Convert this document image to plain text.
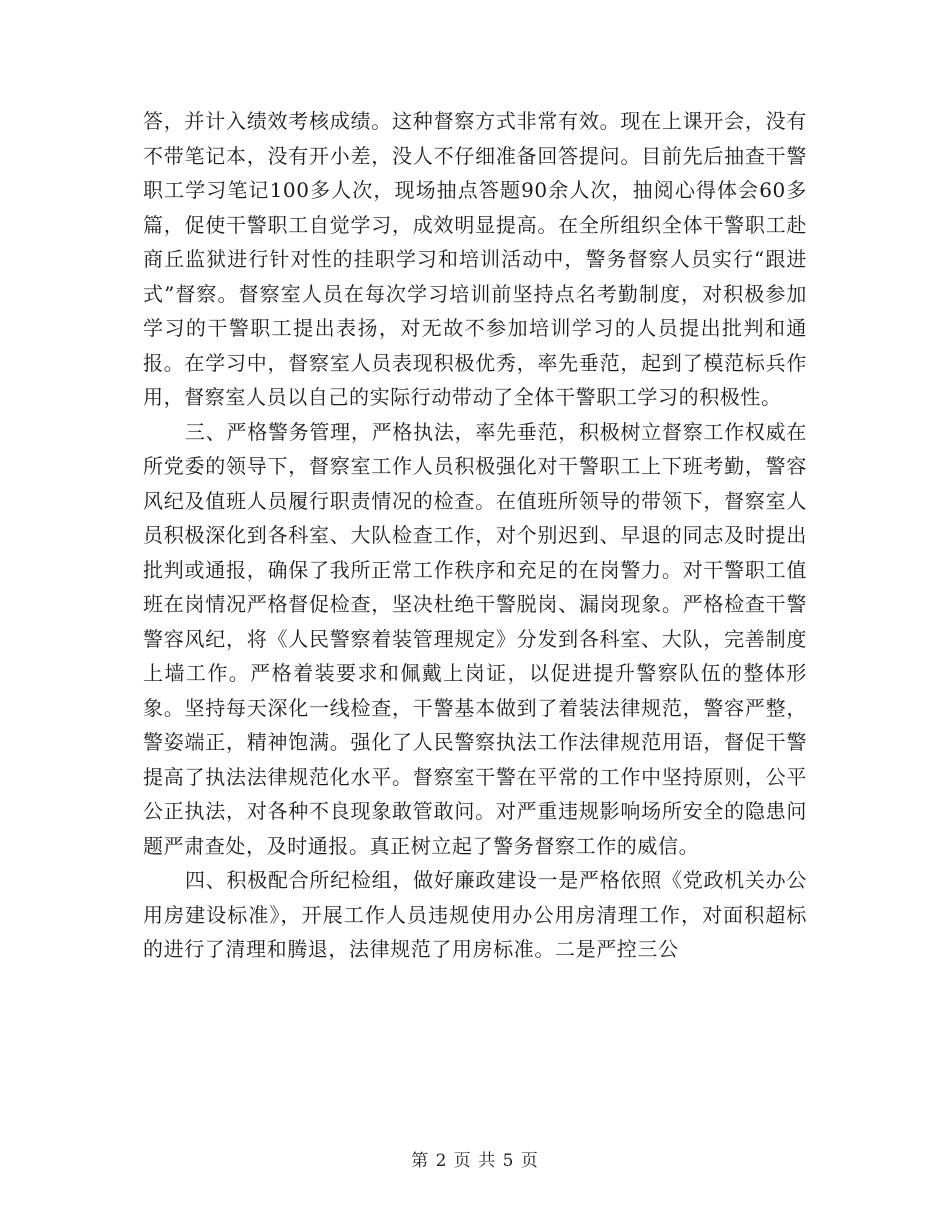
答，并计入绩效考核成绩。这种督察方式非常有效。现在上课开会，没有不带笔记本，没有开小差，没人不仔细准备回答提问。目前先后抽查干警职工学习笔记100多人次，现场抽点答题90余人次，抽阅心得体会60多篇，促使干警职工自觉学习，成效明显提高。在全所组织全体干警职工赴商丘监狱进行针对性的挂职学习和培训活动中，警务督察人员实行“跟进式”督察。督察室人员在每次学习培训前坚持点名考勤制度，对积极参加学习的干警职工提出表扬，对无故不参加培训学习的人员提出批判和通报。在学习中，督察室人员表现积极优秀，率先垂范，起到了模范标兵作用，督察室人员以自己的实际行动带动了全体干警职工学习的积极性。

三、严格警务管理，严格执法，率先垂范，积极树立督察工作权威在所党委的领导下，督察室工作人员积极强化对干警职工上下班考勤，警容风纪及值班人员履行职责情况的检查。在值班所领导的带领下，督察室人员积极深化到各科室、大队检查工作，对个别迟到、早退的同志及时提出批判或通报，确保了我所正常工作秩序和充足的在岗警力。对干警职工值班在岗情况严格督促检查，坚决杜绝干警脱岗、漏岗现象。严格检查干警警容风纪，将《人民警察着装管理规定》分发到各科室、大队，完善制度上墙工作。严格着装要求和佩戴上岗证，以促进提升警察队伍的整体形象。坚持每天深化一线检查，干警基本做到了着装法律规范，警容严整，警姿端正，精神饱满。强化了人民警察执法工作法律规范用语，督促干警提高了执法法律规范化水平。督察室干警在平常的工作中坚持原则，公平公正执法，对各种不良现象敢管敢问。对严重违规影响场所安全的隐患问题严肃查处，及时通报。真正树立起了警务督察工作的威信。

四、积极配合所纪检组，做好廉政建设一是严格依照《党政机关办公用房建设标准》，开展工作人员违规使用办公用房清理工作，对面积超标的进行了清理和腾退，法律规范了用房标准。二是严控三公

第 2 页 共 5 页
